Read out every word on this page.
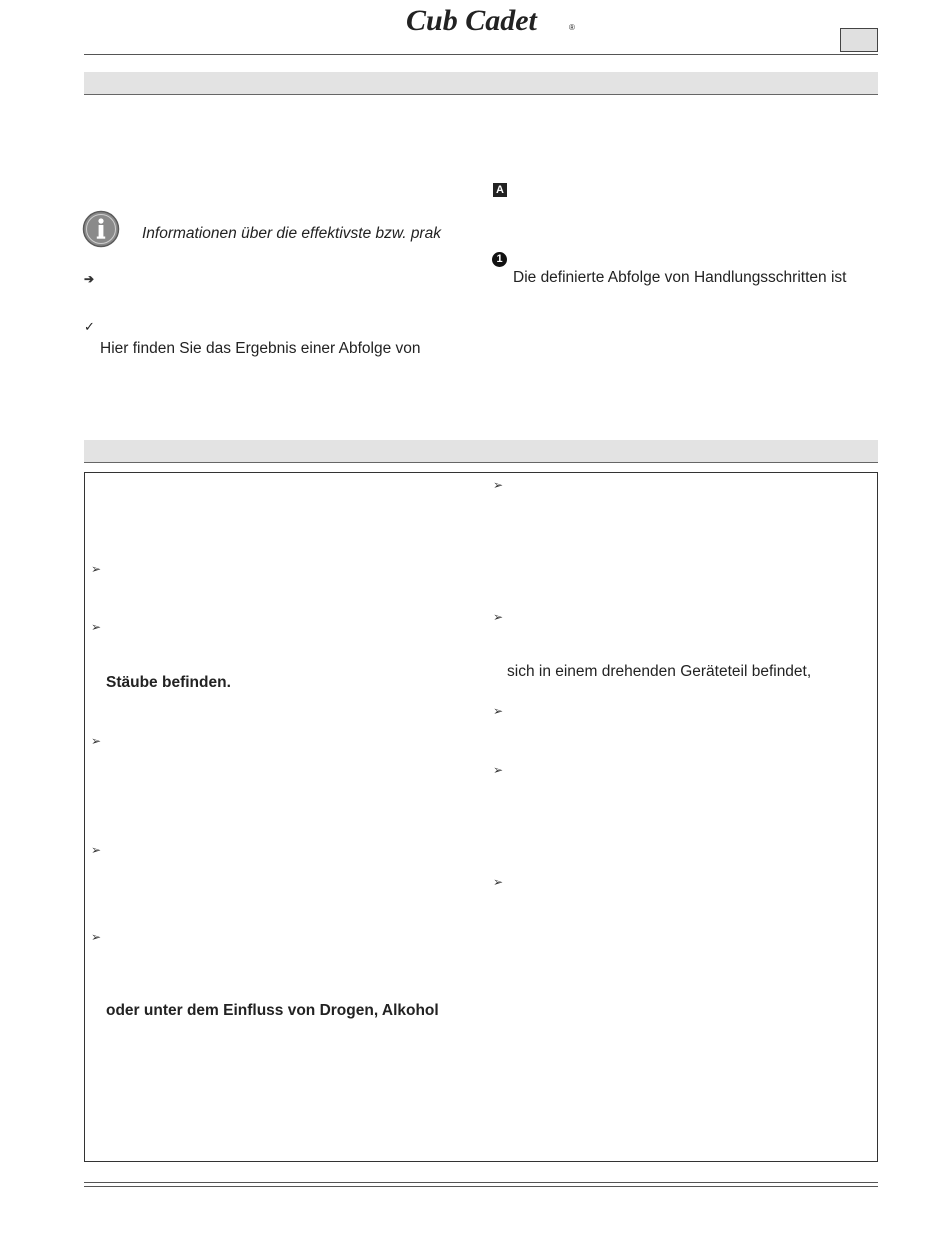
Cub Cadet	®
Informationen über die effektivste bzw. prak
➔
✓
Hier finden Sie das Ergebnis einer Abfolge von
A
1
Die definierte Abfolge von Handlungsschritten ist
➢
➢
Stäube befinden.
➢
➢
➢
oder unter dem Einfluss von Drogen, Alkohol
➢
➢
sich in einem drehenden Geräteteil befindet,
➢
➢
➢
